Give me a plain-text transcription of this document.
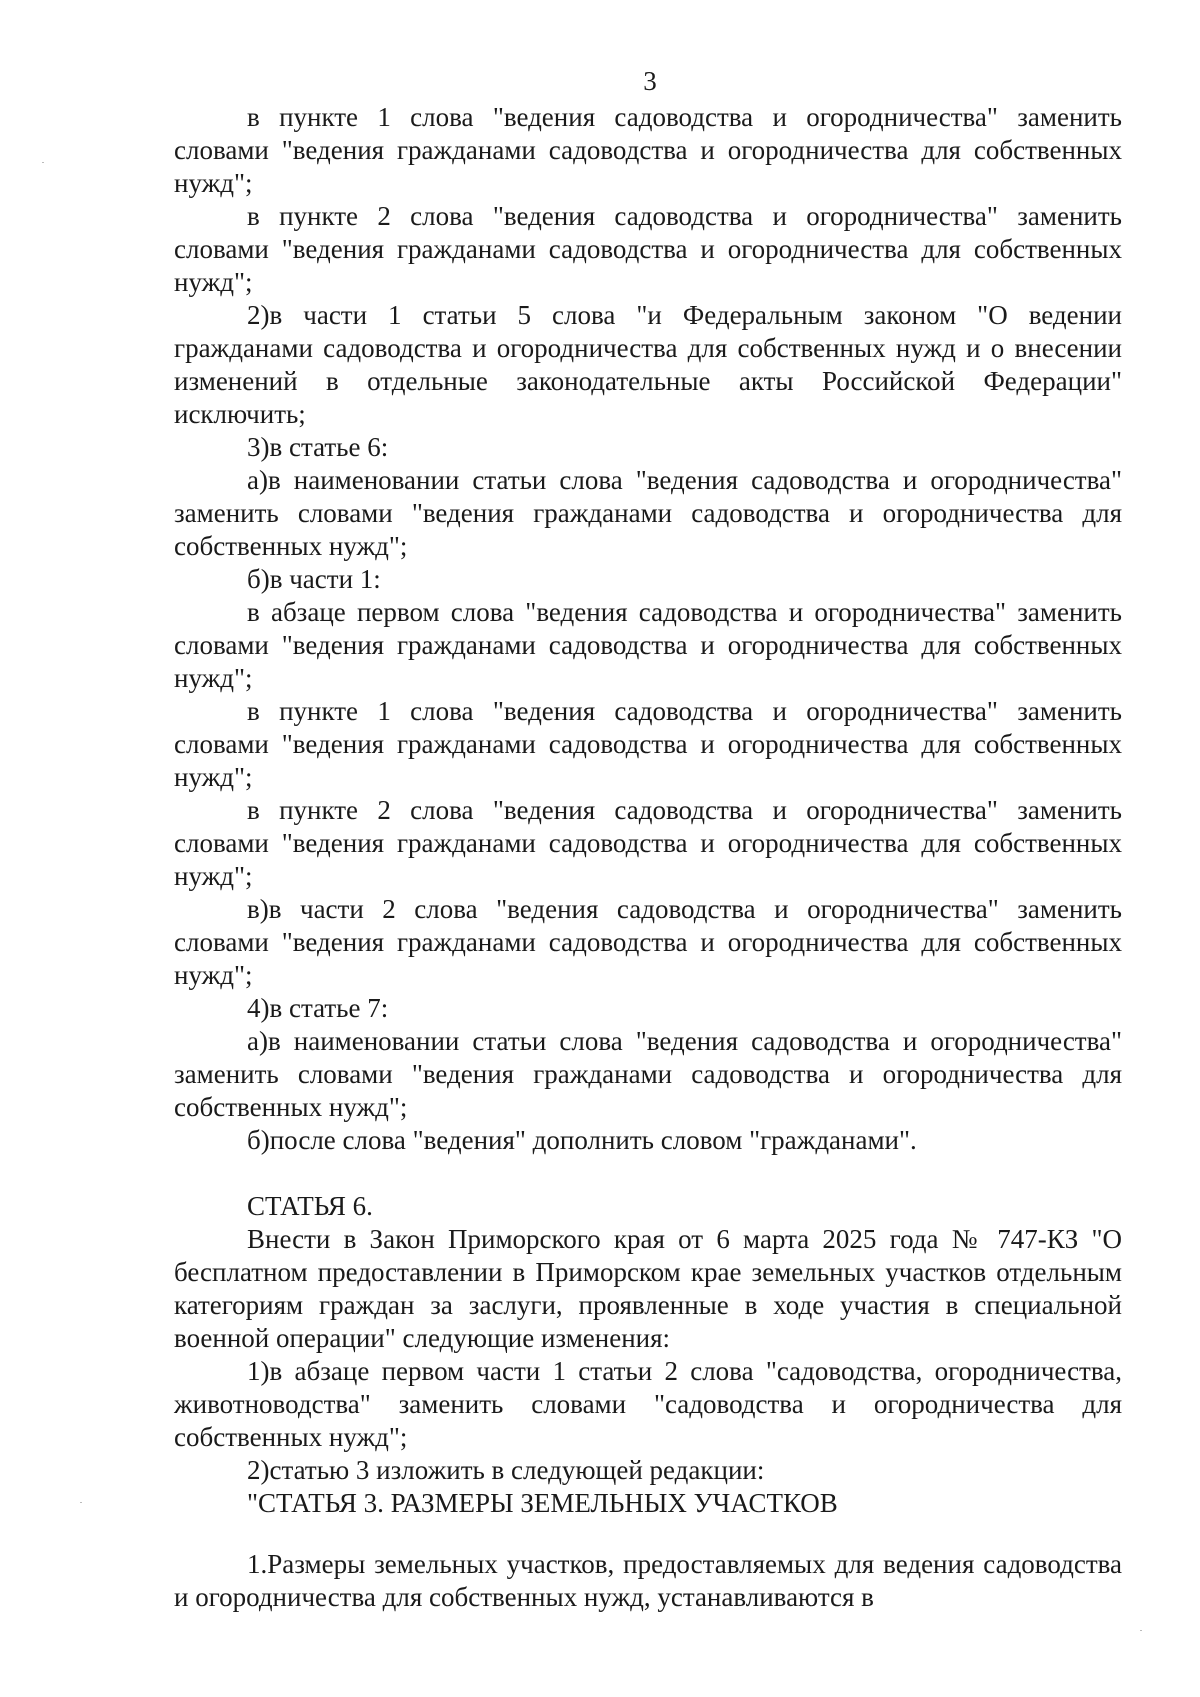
3

в пункте 1 слова "ведения садоводства и огородничества" заменить словами "ведения гражданами садоводства и огородничества для собственных нужд";

в пункте 2 слова "ведения садоводства и огородничества" заменить словами "ведения гражданами садоводства и огородничества для собственных нужд";

2)в части 1 статьи 5 слова "и Федеральным законом "О ведении гражданами садоводства и огородничества для собственных нужд и о внесении изменений в отдельные законодательные акты Российской Федерации" исключить;

3)в статье 6:

а)в наименовании статьи слова "ведения садоводства и огородничества" заменить словами "ведения гражданами садоводства и огородничества для собственных нужд";

б)в части 1:

в абзаце первом слова "ведения садоводства и огородничества" заменить словами "ведения гражданами садоводства и огородничества для собственных нужд";

в пункте 1 слова "ведения садоводства и огородничества" заменить словами "ведения гражданами садоводства и огородничества для собственных нужд";

в пункте 2 слова "ведения садоводства и огородничества" заменить словами "ведения гражданами садоводства и огородничества для собственных нужд";

в)в части 2 слова "ведения садоводства и огородничества" заменить словами "ведения гражданами садоводства и огородничества для собственных нужд";

4)в статье 7:

а)в наименовании статьи слова "ведения садоводства и огородничества" заменить словами "ведения гражданами садоводства и огородничества для собственных нужд";

б)после слова "ведения" дополнить словом "гражданами".

СТАТЬЯ 6.

Внести в Закон Приморского края от 6 марта 2025 года № 747-КЗ "О бесплатном предоставлении в Приморском крае земельных участков отдельным категориям граждан за заслуги, проявленные в ходе участия в специальной военной операции" следующие изменения:

1)в абзаце первом части 1 статьи 2 слова "садоводства, огородничества, животноводства" заменить словами "садоводства и огородничества для собственных нужд";

2)статью 3 изложить в следующей редакции:

"СТАТЬЯ 3. РАЗМЕРЫ ЗЕМЕЛЬНЫХ УЧАСТКОВ

1.Размеры земельных участков, предоставляемых для ведения садоводства и огородничества для собственных нужд, устанавливаются в
